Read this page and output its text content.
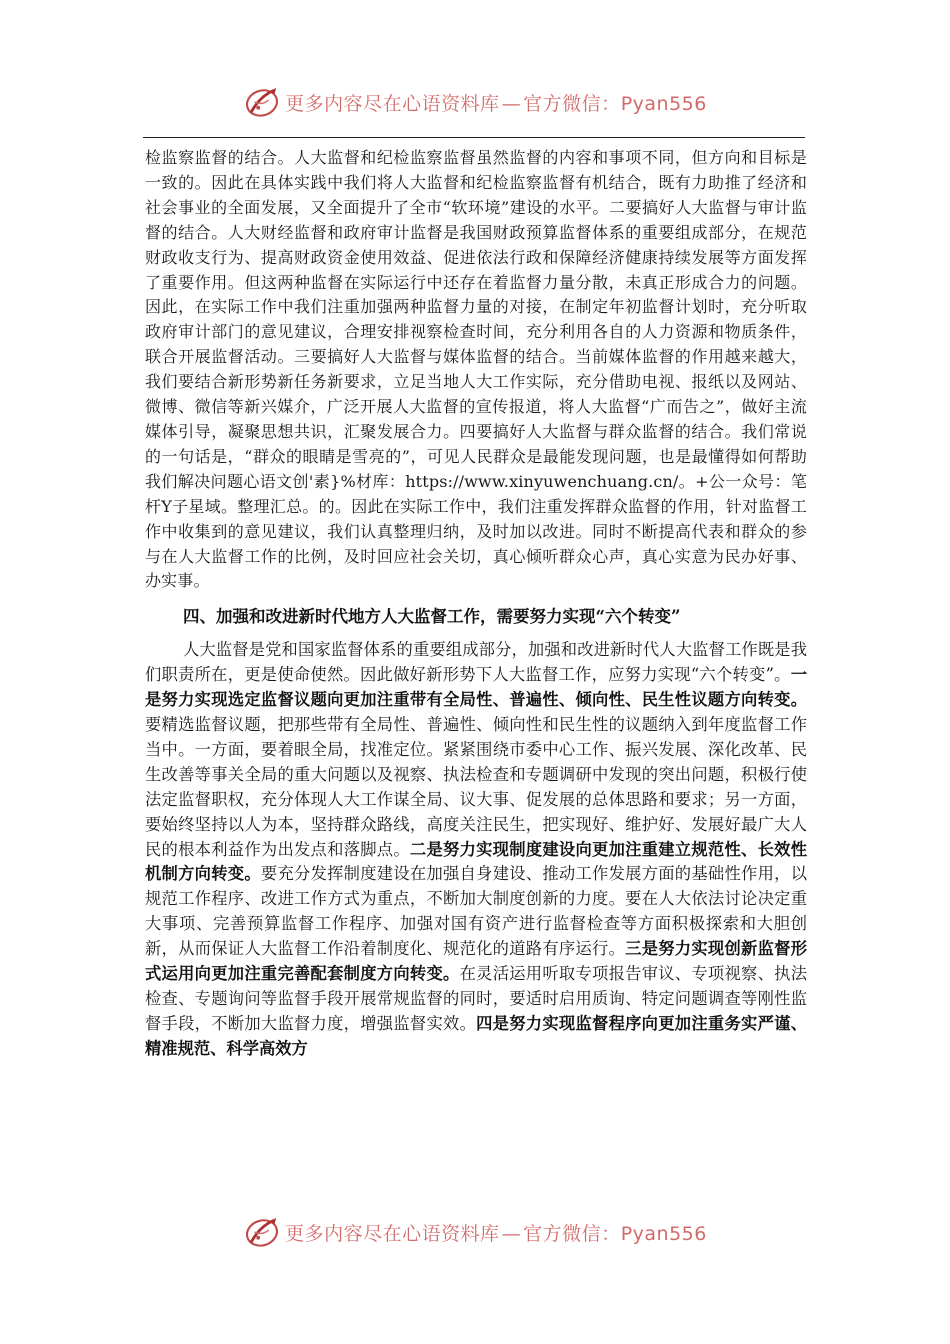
更多内容尽在心语资料库 — 官方微信：Pyan556

检监察监督的结合。人大监督和纪检监察监督虽然监督的内容和事项不同，但方向和目标是一致的。因此在具体实践中我们将人大监督和纪检监察监督有机结合，既有力助推了经济和社会事业的全面发展，又全面提升了全市“软环境”建设的水平。二要搞好人大监督与审计监督的结合。人大财经监督和政府审计监督是我国财政预算监督体系的重要组成部分，在规范财政收支行为、提高财政资金使用效益、促进依法行政和保障经济健康持续发展等方面发挥了重要作用。但这两种监督在实际运行中还存在着监督力量分散，未真正形成合力的问题。因此，在实际工作中我们注重加强两种监督力量的对接，在制定年初监督计划时，充分听取政府审计部门的意见建议，合理安排视察检查时间，充分利用各自的人力资源和物质条件，联合开展监督活动。三要搞好人大监督与媒体监督的结合。当前媒体监督的作用越来越大，我们要结合新形势新任务新要求，立足当地人大工作实际，充分借助电视、报纸以及网站、微博、微信等新兴媒介，广泛开展人大监督的宣传报道，将人大监督“广而告之”，做好主流媒体引导，凝聚思想共识，汇聚发展合力。四要搞好人大监督与群众监督的结合。我们常说的一句话是，“群众的眼睛是雪亮的”，可见人民群众是最能发现问题，也是最懂得如何帮助我们解决问题心语文创'素}%材库：https://www.xinyuwenchuang.cn/。+公一众号：笔杆Y子星域。整理汇总。的。因此在实际工作中，我们注重发挥群众监督的作用，针对监督工作中收集到的意见建议，我们认真整理归纳，及时加以改进。同时不断提高代表和群众的参与在人大监督工作的比例，及时回应社会关切，真心倾听群众心声，真心实意为民办好事、办实事。

四、加强和改进新时代地方人大监督工作，需要努力实现“六个转变”

人大监督是党和国家监督体系的重要组成部分，加强和改进新时代人大监督工作既是我们职责所在，更是使命使然。因此做好新形势下人大监督工作，应努力实现“六个转变”。一是努力实现选定监督议题向更加注重带有全局性、普遍性、倾向性、民生性议题方向转变。要精选监督议题，把那些带有全局性、普遍性、倾向性和民生性的议题纳入到年度监督工作当中。一方面，要着眼全局，找准定位。紧紧围绕市委中心工作、振兴发展、深化改革、民生改善等事关全局的重大问题以及视察、执法检查和专题调研中发现的突出问题，积极行使法定监督职权，充分体现人大工作谋全局、议大事、促发展的总体思路和要求；另一方面，要始终坚持以人为本，坚持群众路线，高度关注民生，把实现好、维护好、发展好最广大人民的根本利益作为出发点和落脚点。二是努力实现制度建设向更加注重建立规范性、长效性机制方向转变。要充分发挥制度建设在加强自身建设、推动工作发展方面的基础性作用，以规范工作程序、改进工作方式为重点，不断加大制度创新的力度。要在人大依法讨论决定重大事项、完善预算监督工作程序、加强对国有资产进行监督检查等方面积极探索和大胆创新，从而保证人大监督工作沿着制度化、规范化的道路有序运行。三是努力实现创新监督形式运用向更加注重完善配套制度方向转变。在灵活运用听取专项报告审议、专项视察、执法检查、专题询问等监督手段开展常规监督的同时，要适时启用质询、特定问题调查等刚性监督手段，不断加大监督力度，增强监督实效。四是努力实现监督程序向更加注重务实严谨、精准规范、科学高效方

更多内容尽在心语资料库 — 官方微信：Pyan556
